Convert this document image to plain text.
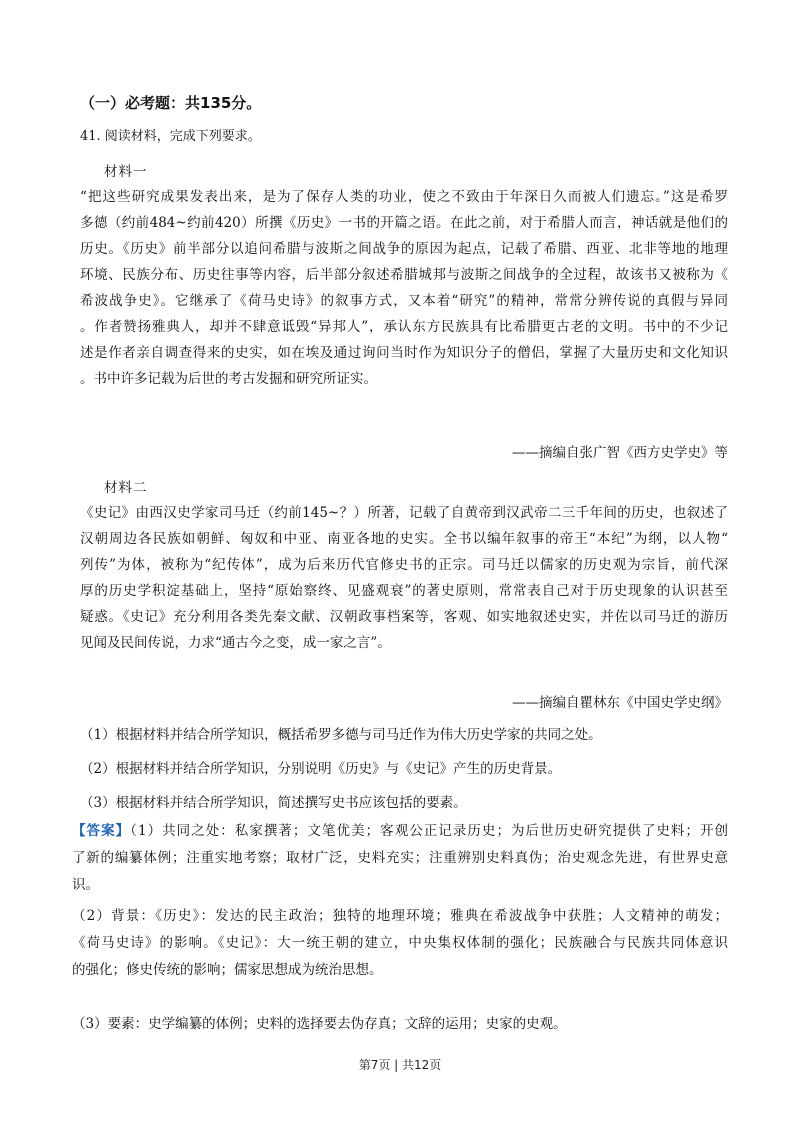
（一）必考题：共135分。
41. 阅读材料，完成下列要求。
材料一
“把这些研究成果发表出来，是为了保存人类的功业，使之不致由于年深日久而被人们遗忘。”这是希罗
多德（约前484~约前420）所撰《历史》一书的开篇之语。在此之前，对于希腊人而言，神话就是他们的
历史。《历史》前半部分以追问希腊与波斯之间战争的原因为起点，记载了希腊、西亚、北非等地的地理
环境、民族分布、历史往事等内容，后半部分叙述希腊城邦与波斯之间战争的全过程，故该书又被称为《
希波战争史》。它继承了《荷马史诗》的叙事方式，又本着“研究”的精神，常常分辨传说的真假与异同
。作者赞扬雅典人，却并不肆意诋毁“异邦人”，承认东方民族具有比希腊更古老的文明。书中的不少记
述是作者亲自调查得来的史实，如在埃及通过询问当时作为知识分子的僧侣，掌握了大量历史和文化知识
。书中许多记载为后世的考古发掘和研究所证实。
——摘编自张广智《西方史学史》等
材料二
《史记》由西汉史学家司马迁（约前145~？）所著，记载了自黄帝到汉武帝二三千年间的历史，也叙述了
汉朝周边各民族如朝鲜、匈奴和中亚、南亚各地的史实。全书以编年叙事的帝王“本纪”为纲，以人物“
列传”为体，被称为“纪传体”，成为后来历代官修史书的正宗。司马迁以儒家的历史观为宗旨，前代深
厚的历史学积淀基础上，坚持“原始察终、见盛观衰”的著史原则，常常表自己对于历史现象的认识甚至
疑惑。《史记》充分利用各类先秦文献、汉朝政事档案等，客观、如实地叙述史实，并佐以司马迁的游历
见闻及民间传说，力求“通古今之变，成一家之言”。
——摘编自瞿林东《中国史学史纲》
（1）根据材料并结合所学知识，概括希罗多德与司马迁作为伟大历史学家的共同之处。
（2）根据材料并结合所学知识，分别说明《历史》与《史记》产生的历史背景。
（3）根据材料并结合所学知识，简述撰写史书应该包括的要素。
【答案】（1）共同之处：私家撰著；文笔优美；客观公正记录历史；为后世历史研究提供了史料；开创
了新的编纂体例；注重实地考察；取材广泛，史料充实；注重辨别史料真伪；治史观念先进，有世界史意
识。
（2）背景：《历史》：发达的民主政治；独特的地理环境；雅典在希波战争中获胜；人文精神的萌发；
《荷马史诗》的影响。《史记》：大一统王朝的建立，中央集权体制的强化；民族融合与民族共同体意识
的强化；修史传统的影响；儒家思想成为统治思想。
（3）要素：史学编纂的体例；史料的选择要去伪存真；文辞的运用；史家的史观。
第7页 | 共12页
